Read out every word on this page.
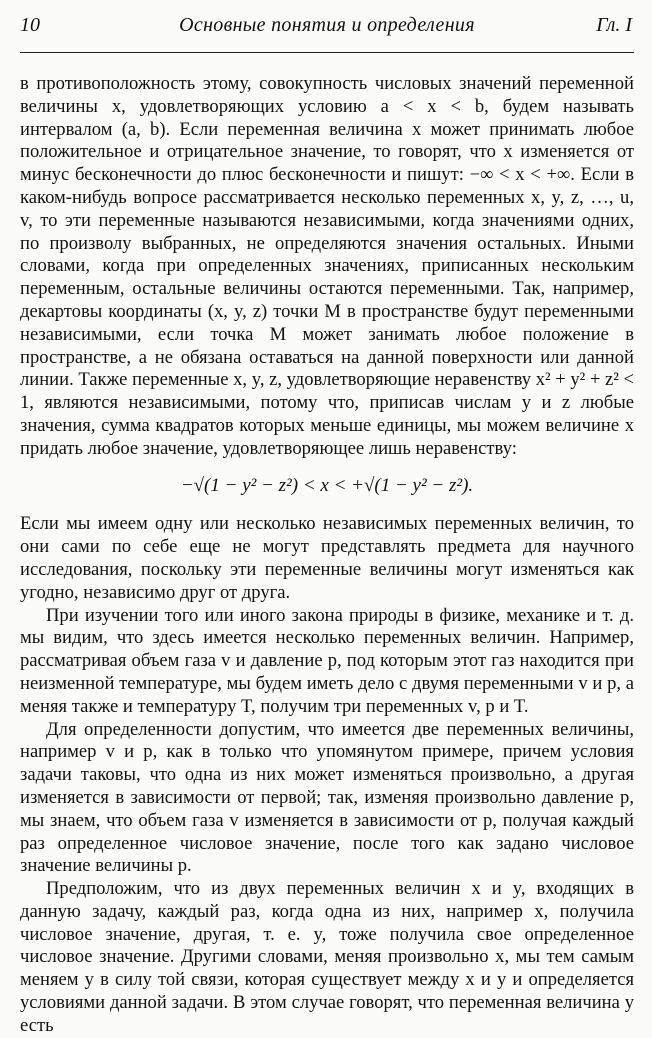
10	Основные понятия и определения	Гл. I

в противоположность этому, совокупность числовых значений переменной величины x, удовлетворяющих условию a < x < b, будем называть интервалом (a, b). Если переменная величина x может принимать любое положительное и отрицательное значение, то говорят, что x изменяется от минус бесконечности до плюс бесконечности и пишут: −∞ < x < +∞. Если в каком-нибудь вопросе рассматривается несколько переменных x, y, z, …, u, v, то эти переменные называются независимыми, когда значениями одних, по произволу выбранных, не определяются значения остальных. Иными словами, когда при определенных значениях, приписанных нескольким переменным, остальные величины остаются переменными. Так, например, декартовы координаты (x, y, z) точки M в пространстве будут переменными независимыми, если точка M может занимать любое положение в пространстве, а не обязана оставаться на данной поверхности или данной линии. Также переменные x, y, z, удовлетворяющие неравенству x² + y² + z² < 1, являются независимыми, потому что, приписав числам y и z любые значения, сумма квадратов которых меньше единицы, мы можем величине x придать любое значение, удовлетворяющее лишь неравенству:

−√(1 − y² − z²) < x < +√(1 − y² − z²).

Если мы имеем одну или несколько независимых переменных величин, то они сами по себе еще не могут представлять предмета для научного исследования, поскольку эти переменные величины могут изменяться как угодно, независимо друг от друга.

При изучении того или иного закона природы в физике, механике и т. д. мы видим, что здесь имеется несколько переменных величин. Например, рассматривая объем газа v и давление p, под которым этот газ находится при неизменной температуре, мы будем иметь дело с двумя переменными v и p, а меняя также и температуру T, получим три переменных v, p и T.

Для определенности допустим, что имеется две переменных величины, например v и p, как в только что упомянутом примере, причем условия задачи таковы, что одна из них может изменяться произвольно, а другая изменяется в зависимости от первой; так, изменяя произвольно давление p, мы знаем, что объем газа v изменяется в зависимости от p, получая каждый раз определенное числовое значение, после того как задано числовое значение величины p.

Предположим, что из двух переменных величин x и y, входящих в данную задачу, каждый раз, когда одна из них, например x, получила числовое значение, другая, т. е. y, тоже получила свое определенное числовое значение. Другими словами, меняя произвольно x, мы тем самым меняем y в силу той связи, которая существует между x и y и определяется условиями данной задачи. В этом случае говорят, что переменная величина y есть
